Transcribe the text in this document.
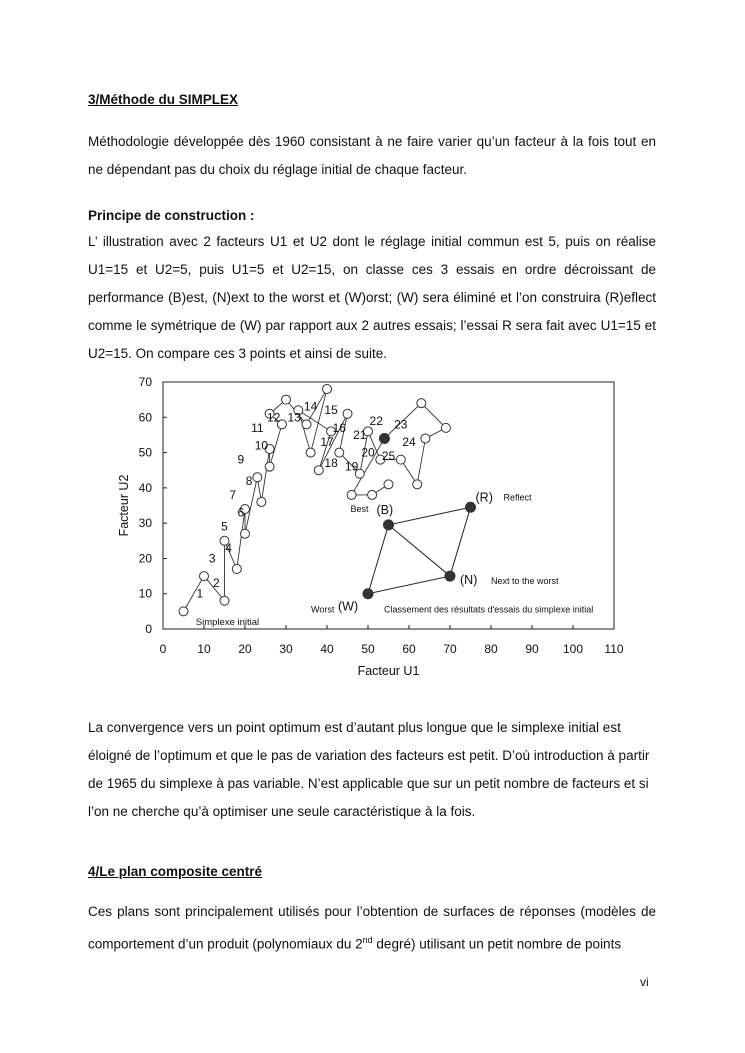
3/Méthode du SIMPLEX

Méthodologie développée dès 1960 consistant à ne faire varier qu’un facteur à la fois tout en ne dépendant pas du choix du réglage initial de chaque facteur.

Principe de construction :

L’ illustration avec 2 facteurs U1 et U2 dont le réglage initial commun est 5, puis on réalise U1=15 et U2=5, puis U1=5 et U2=15, on classe ces 3 essais en ordre décroissant de performance (B)est, (N)ext to the worst et (W)orst; (W) sera éliminé et l’on construira (R)eflect comme le symétrique de (W) par rapport aux 2 autres essais; l’essai R sera fait avec U1=15 et U2=15. On compare ces 3 points et ainsi de suite.

0	10 20 30 40 50 60 70 80 90 100 110
0
10
20
30
40
50
60
70
1
2
3
4
5
6
7
8
9
10
11
12 13
14 15
16
17
18 19
20
21
22 23
24
25
Simplexe initial
Best (B)
(R) Reflect
(N) Next to the worst
Worst (W)	Classement des résultats d'essais du simplexe initial
Facteur U1
Facteur U2

La convergence vers un point optimum est d’autant plus longue que le simplexe initial est éloigné de l’optimum et que le pas de variation des facteurs est petit. D’où introduction à partir de 1965 du simplexe à pas variable. N’est applicable que sur un petit nombre de facteurs et si l’on ne cherche qu’à optimiser une seule caractéristique à la fois.

4/Le plan composite centré

Ces plans sont principalement utilisés pour l’obtention de surfaces de réponses (modèles de comportement d’un produit (polynomiaux du 2nd degré) utilisant un petit nombre de points

vi
